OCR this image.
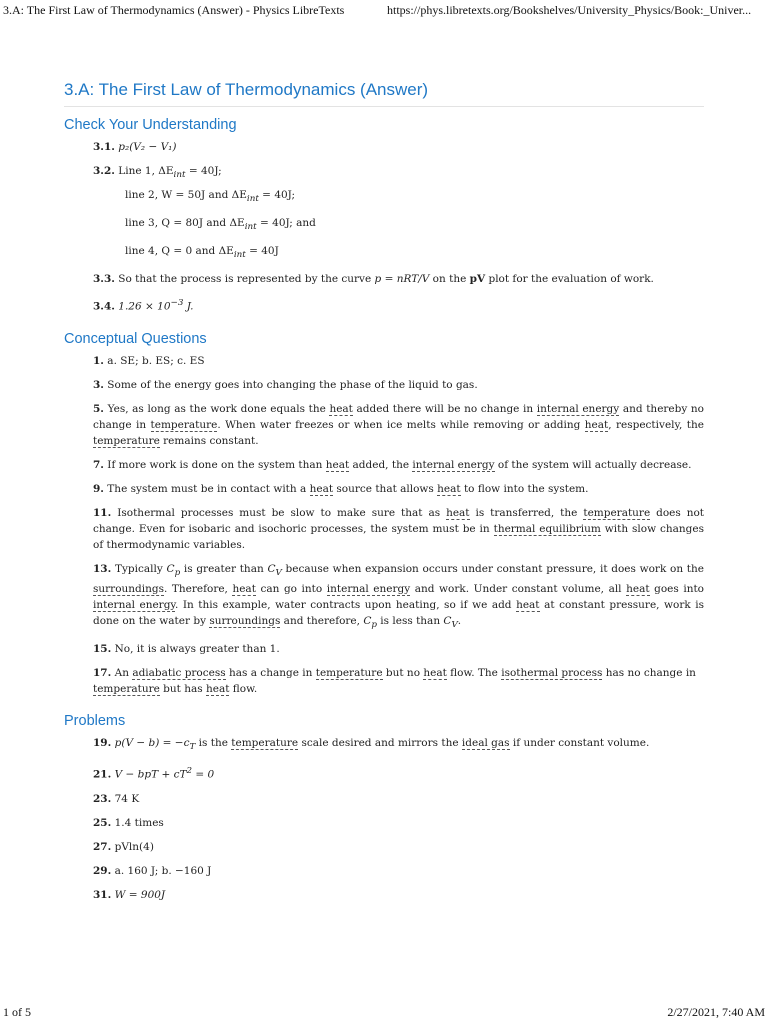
3.A: The First Law of Thermodynamics (Answer) - Physics LibreTexts	https://phys.libretexts.org/Bookshelves/University_Physics/Book:_Univer...
3.A: The First Law of Thermodynamics (Answer)
Check Your Understanding
3.1. p₂(V₂ − V₁)
3.2. Line 1, $\Delta E_{int} = 40J$;
line 2, W = 50J and $\Delta E_{int} = 40J$;
line 3, Q = 80J and $\Delta E_{int} = 40J$; and
line 4, Q = 0 and $\Delta E_{int} = 40J$
3.3. So that the process is represented by the curve p = nRT/V on the pV plot for the evaluation of work.
3.4. $1.26 \times 10^{-3}$ J.
Conceptual Questions
1. a. SE; b. ES; c. ES
3. Some of the energy goes into changing the phase of the liquid to gas.
5. Yes, as long as the work done equals the heat added there will be no change in internal energy and thereby no change in temperature. When water freezes or when ice melts while removing or adding heat, respectively, the temperature remains constant.
7. If more work is done on the system than heat added, the internal energy of the system will actually decrease.
9. The system must be in contact with a heat source that allows heat to flow into the system.
11. Isothermal processes must be slow to make sure that as heat is transferred, the temperature does not change. Even for isobaric and isochoric processes, the system must be in thermal equilibrium with slow changes of thermodynamic variables.
13. Typically $C_p$ is greater than $C_V$ because when expansion occurs under constant pressure, it does work on the surroundings. Therefore, heat can go into internal energy and work. Under constant volume, all heat goes into internal energy. In this example, water contracts upon heating, so if we add heat at constant pressure, work is done on the water by surroundings and therefore, $C_p$ is less than $C_V$.
15. No, it is always greater than 1.
17. An adiabatic process has a change in temperature but no heat flow. The isothermal process has no change in temperature but has heat flow.
Problems
19. $p(V - b) = -c_T$ is the temperature scale desired and mirrors the ideal gas if under constant volume.
21. V − bpT + $cT^2 = 0$
23. 74 K
25. 1.4 times
27. pVln(4)
29. a. 160 J; b. −160 J
31. W = 900J
1 of 5	2/27/2021, 7:40 AM
